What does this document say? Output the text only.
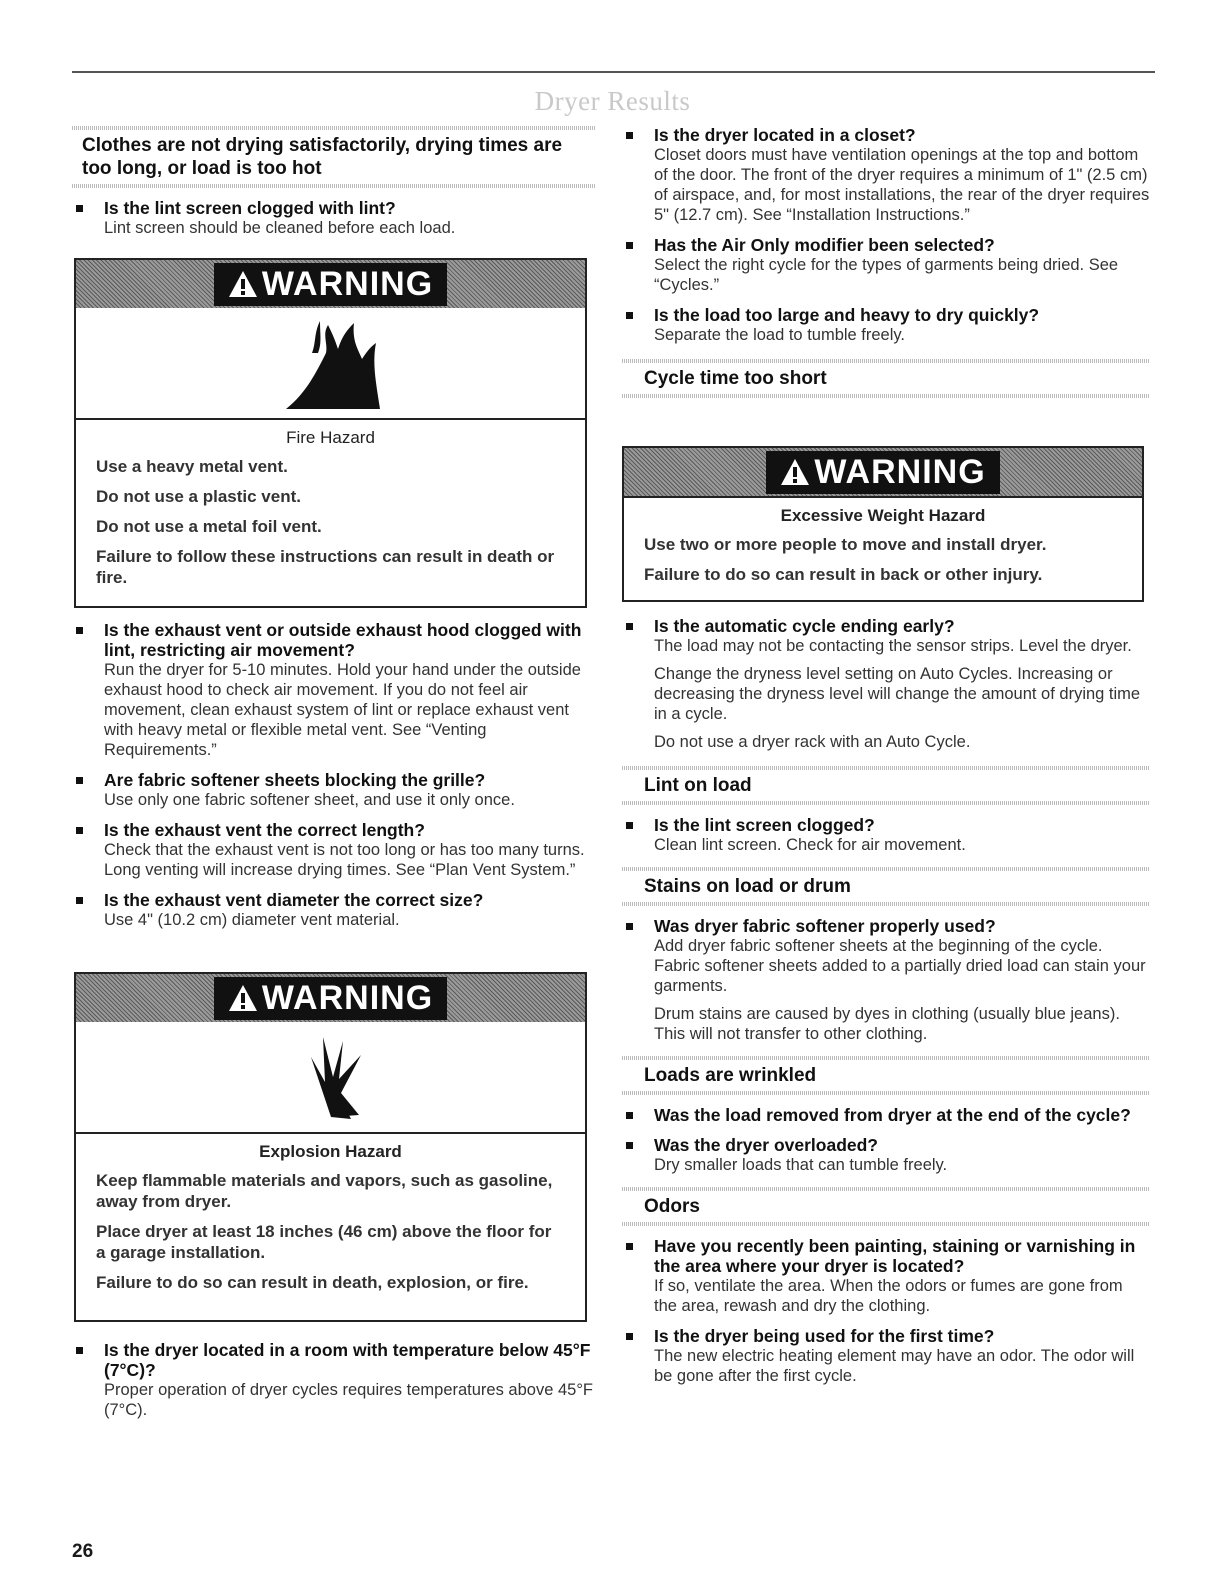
Dryer Results
Clothes are not drying satisfactorily, drying times are too long, or load is too hot
Is the lint screen clogged with lint?
Lint screen should be cleaned before each load.
WARNING
Fire Hazard
Use a heavy metal vent.
Do not use a plastic vent.
Do not use a metal foil vent.
Failure to follow these instructions can result in death or fire.
Is the exhaust vent or outside exhaust hood clogged with lint, restricting air movement?
Run the dryer for 5-10 minutes. Hold your hand under the outside exhaust hood to check air movement. If you do not feel air movement, clean exhaust system of lint or replace exhaust vent with heavy metal or flexible metal vent. See “Venting Requirements.”
Are fabric softener sheets blocking the grille?
Use only one fabric softener sheet, and use it only once.
Is the exhaust vent the correct length?
Check that the exhaust vent is not too long or has too many turns. Long venting will increase drying times. See “Plan Vent System.”
Is the exhaust vent diameter the correct size?
Use 4" (10.2 cm) diameter vent material.
WARNING
Explosion Hazard
Keep flammable materials and vapors, such as gasoline, away from dryer.
Place dryer at least 18 inches (46 cm) above the floor for a garage installation.
Failure to do so can result in death, explosion, or fire.
Is the dryer located in a room with temperature below 45°F (7°C)?
Proper operation of dryer cycles requires temperatures above 45°F (7°C).
Is the dryer located in a closet?
Closet doors must have ventilation openings at the top and bottom of the door. The front of the dryer requires a minimum of 1" (2.5 cm) of airspace, and, for most installations, the rear of the dryer requires 5" (12.7 cm). See “Installation Instructions.”
Has the Air Only modifier been selected?
Select the right cycle for the types of garments being dried. See “Cycles.”
Is the load too large and heavy to dry quickly?
Separate the load to tumble freely.
Cycle time too short
WARNING
Excessive Weight Hazard
Use two or more people to move and install dryer.
Failure to do so can result in back or other injury.
Is the automatic cycle ending early?
The load may not be contacting the sensor strips. Level the dryer.
Change the dryness level setting on Auto Cycles. Increasing or decreasing the dryness level will change the amount of drying time in a cycle.
Do not use a dryer rack with an Auto Cycle.
Lint on load
Is the lint screen clogged?
Clean lint screen. Check for air movement.
Stains on load or drum
Was dryer fabric softener properly used?
Add dryer fabric softener sheets at the beginning of the cycle. Fabric softener sheets added to a partially dried load can stain your garments.
Drum stains are caused by dyes in clothing (usually blue jeans). This will not transfer to other clothing.
Loads are wrinkled
Was the load removed from dryer at the end of the cycle?
Was the dryer overloaded?
Dry smaller loads that can tumble freely.
Odors
Have you recently been painting, staining or varnishing in the area where your dryer is located?
If so, ventilate the area. When the odors or fumes are gone from the area, rewash and dry the clothing.
Is the dryer being used for the first time?
The new electric heating element may have an odor. The odor will be gone after the first cycle.
26
